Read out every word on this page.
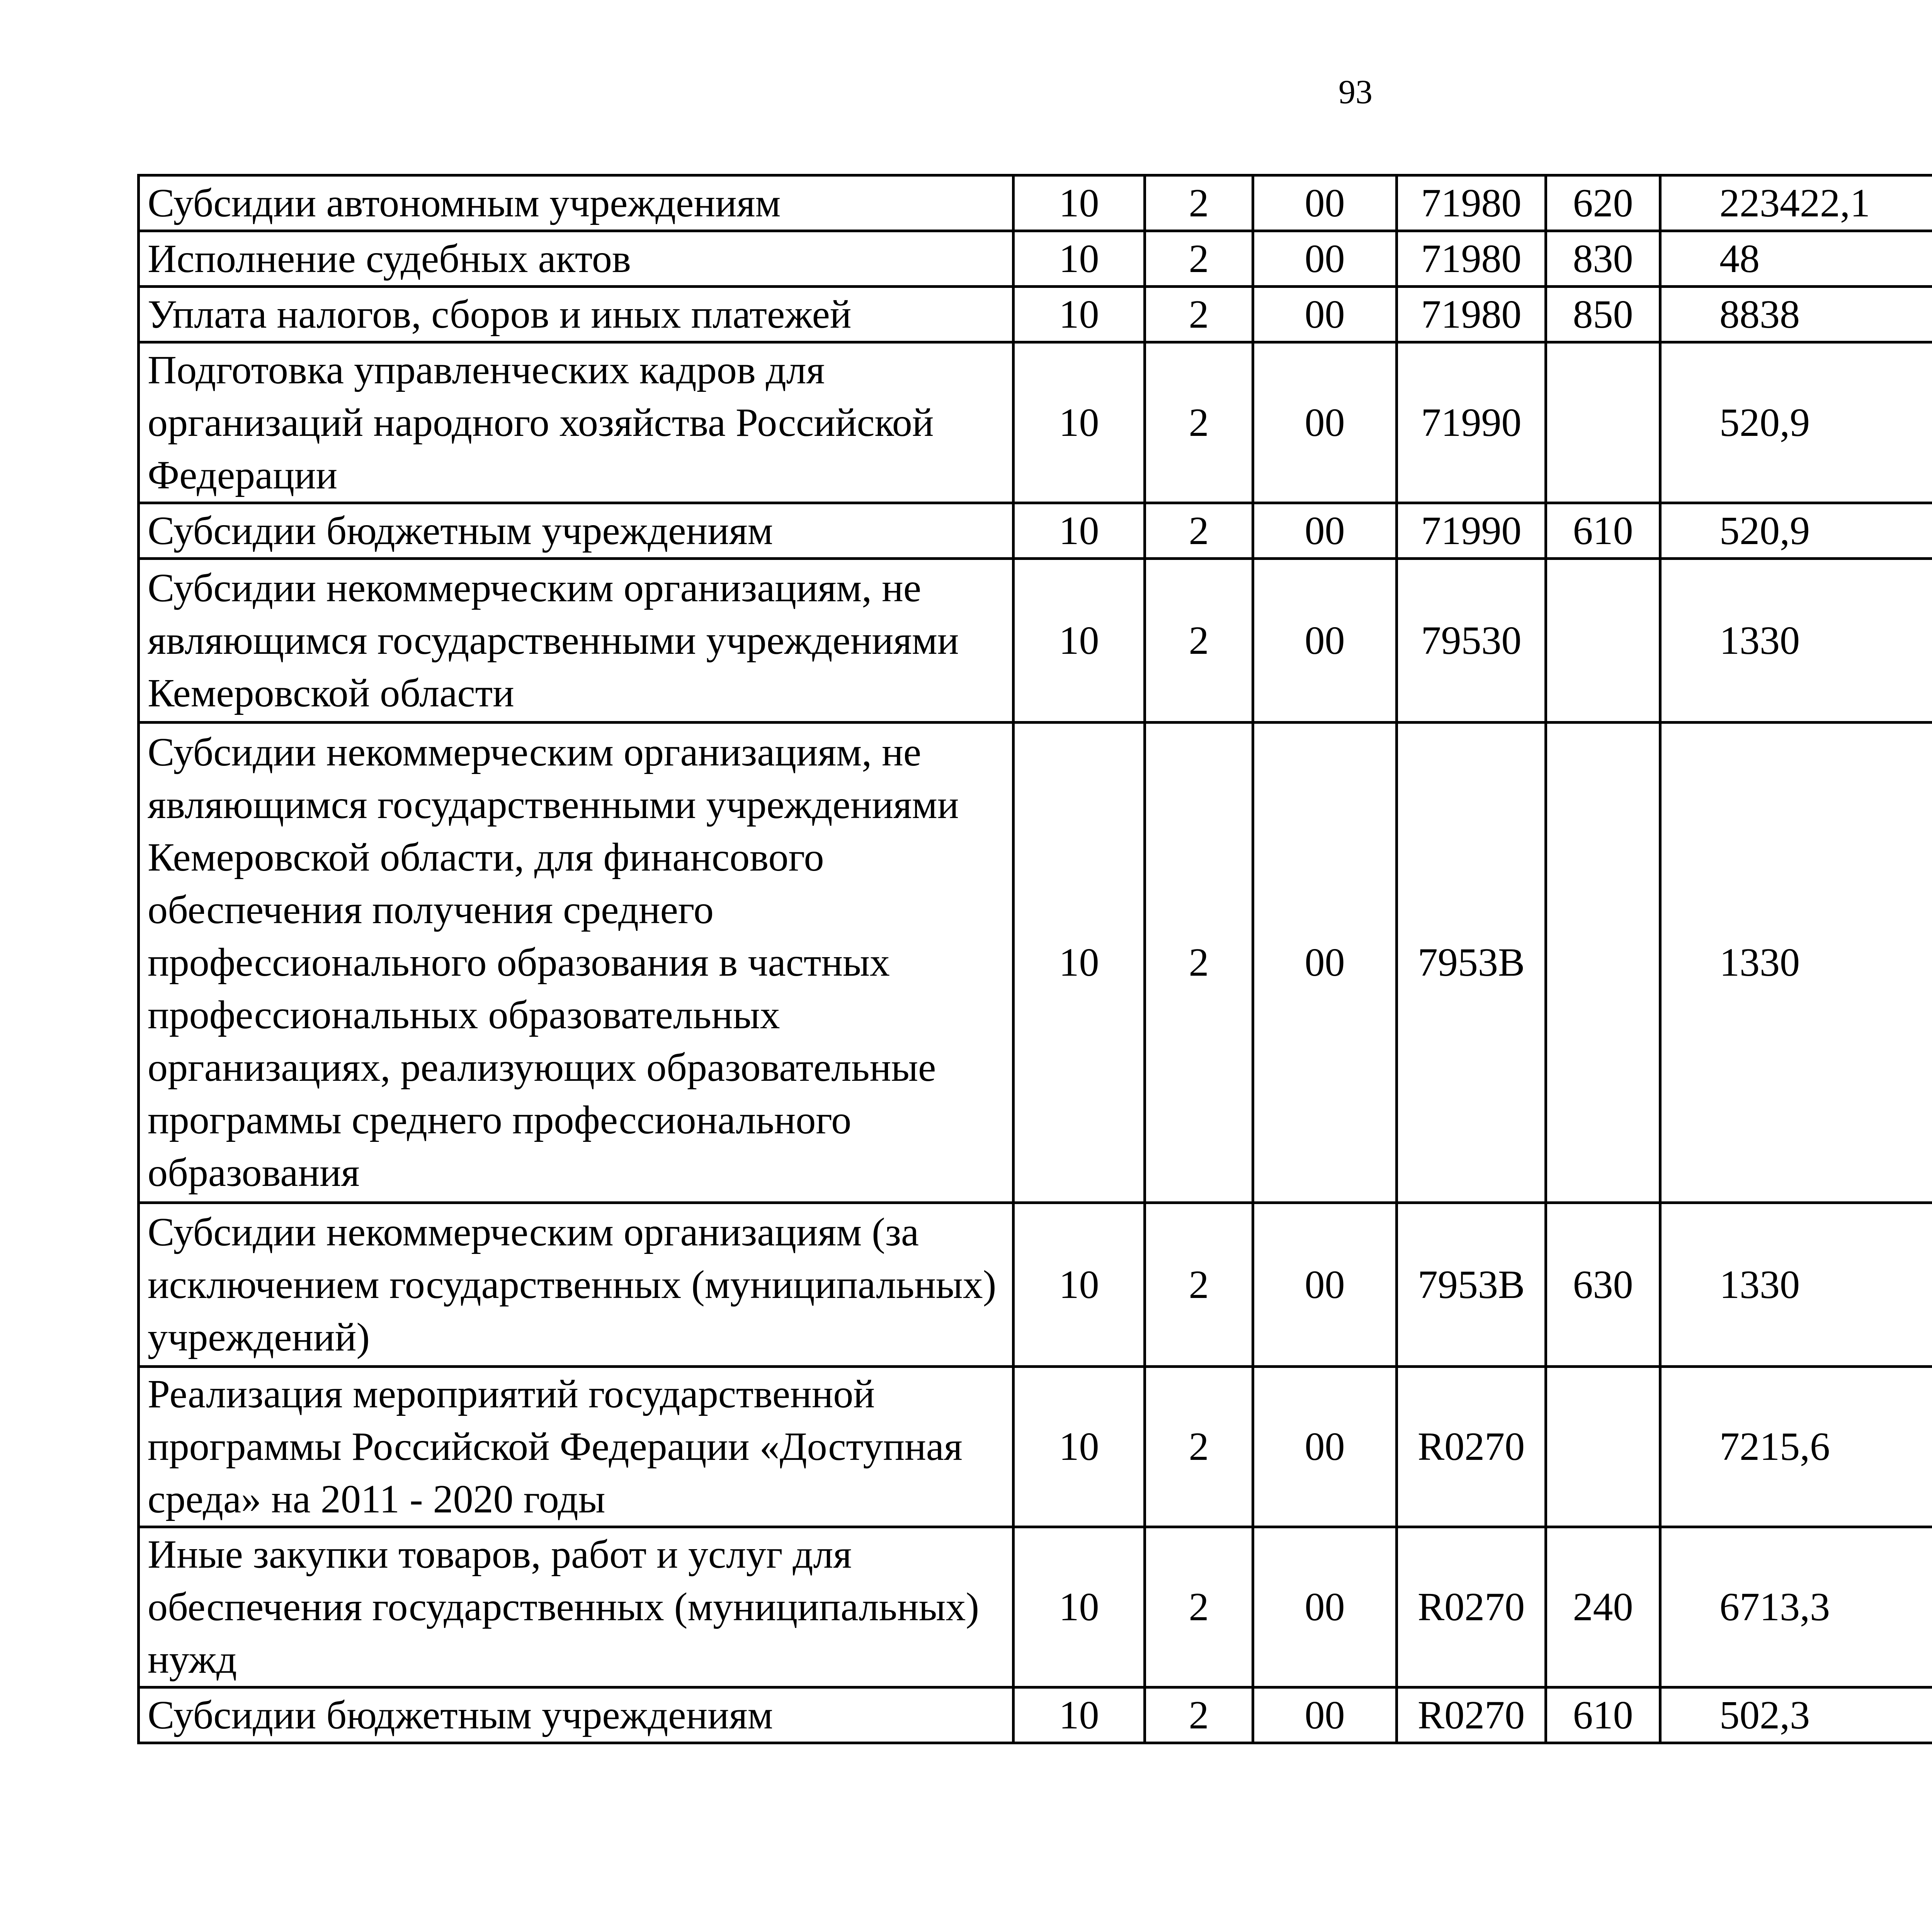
93
Субсидии автономным учреждениям	10	2	00	71980	620	223422,1		
Исполнение судебных актов	10	2	00	71980	830	48		
Уплата налогов, сборов и иных платежей	10	2	00	71980	850	8838		
Подготовка управленческих кадров для организаций народного хозяйства Российской Федерации	10	2	00	71990		520,9		
Субсидии бюджетным учреждениям	10	2	00	71990	610	520,9		
Субсидии некоммерческим организациям, не являющимся государственными учреждениями Кемеровской области	10	2	00	79530		1330		
Субсидии некоммерческим организациям, не являющимся государственными учреждениями Кемеровской области, для финансового обеспечения получения среднего профессионального образования в частных профессиональных образовательных организациях, реализующих образовательные программы среднего профессионального образования	10	2	00	7953В		1330		
Субсидии некоммерческим организациям (за исключением государственных (муниципальных) учреждений)	10	2	00	7953В	630	1330		
Реализация мероприятий государственной программы Российской Федерации «Доступная среда» на 2011 - 2020 годы	10	2	00	R0270		7215,6		
Иные закупки товаров, работ и услуг для обеспечения государственных (муниципальных) нужд	10	2	00	R0270	240	6713,3		
Субсидии бюджетным учреждениям	10	2	00	R0270	610	502,3		
